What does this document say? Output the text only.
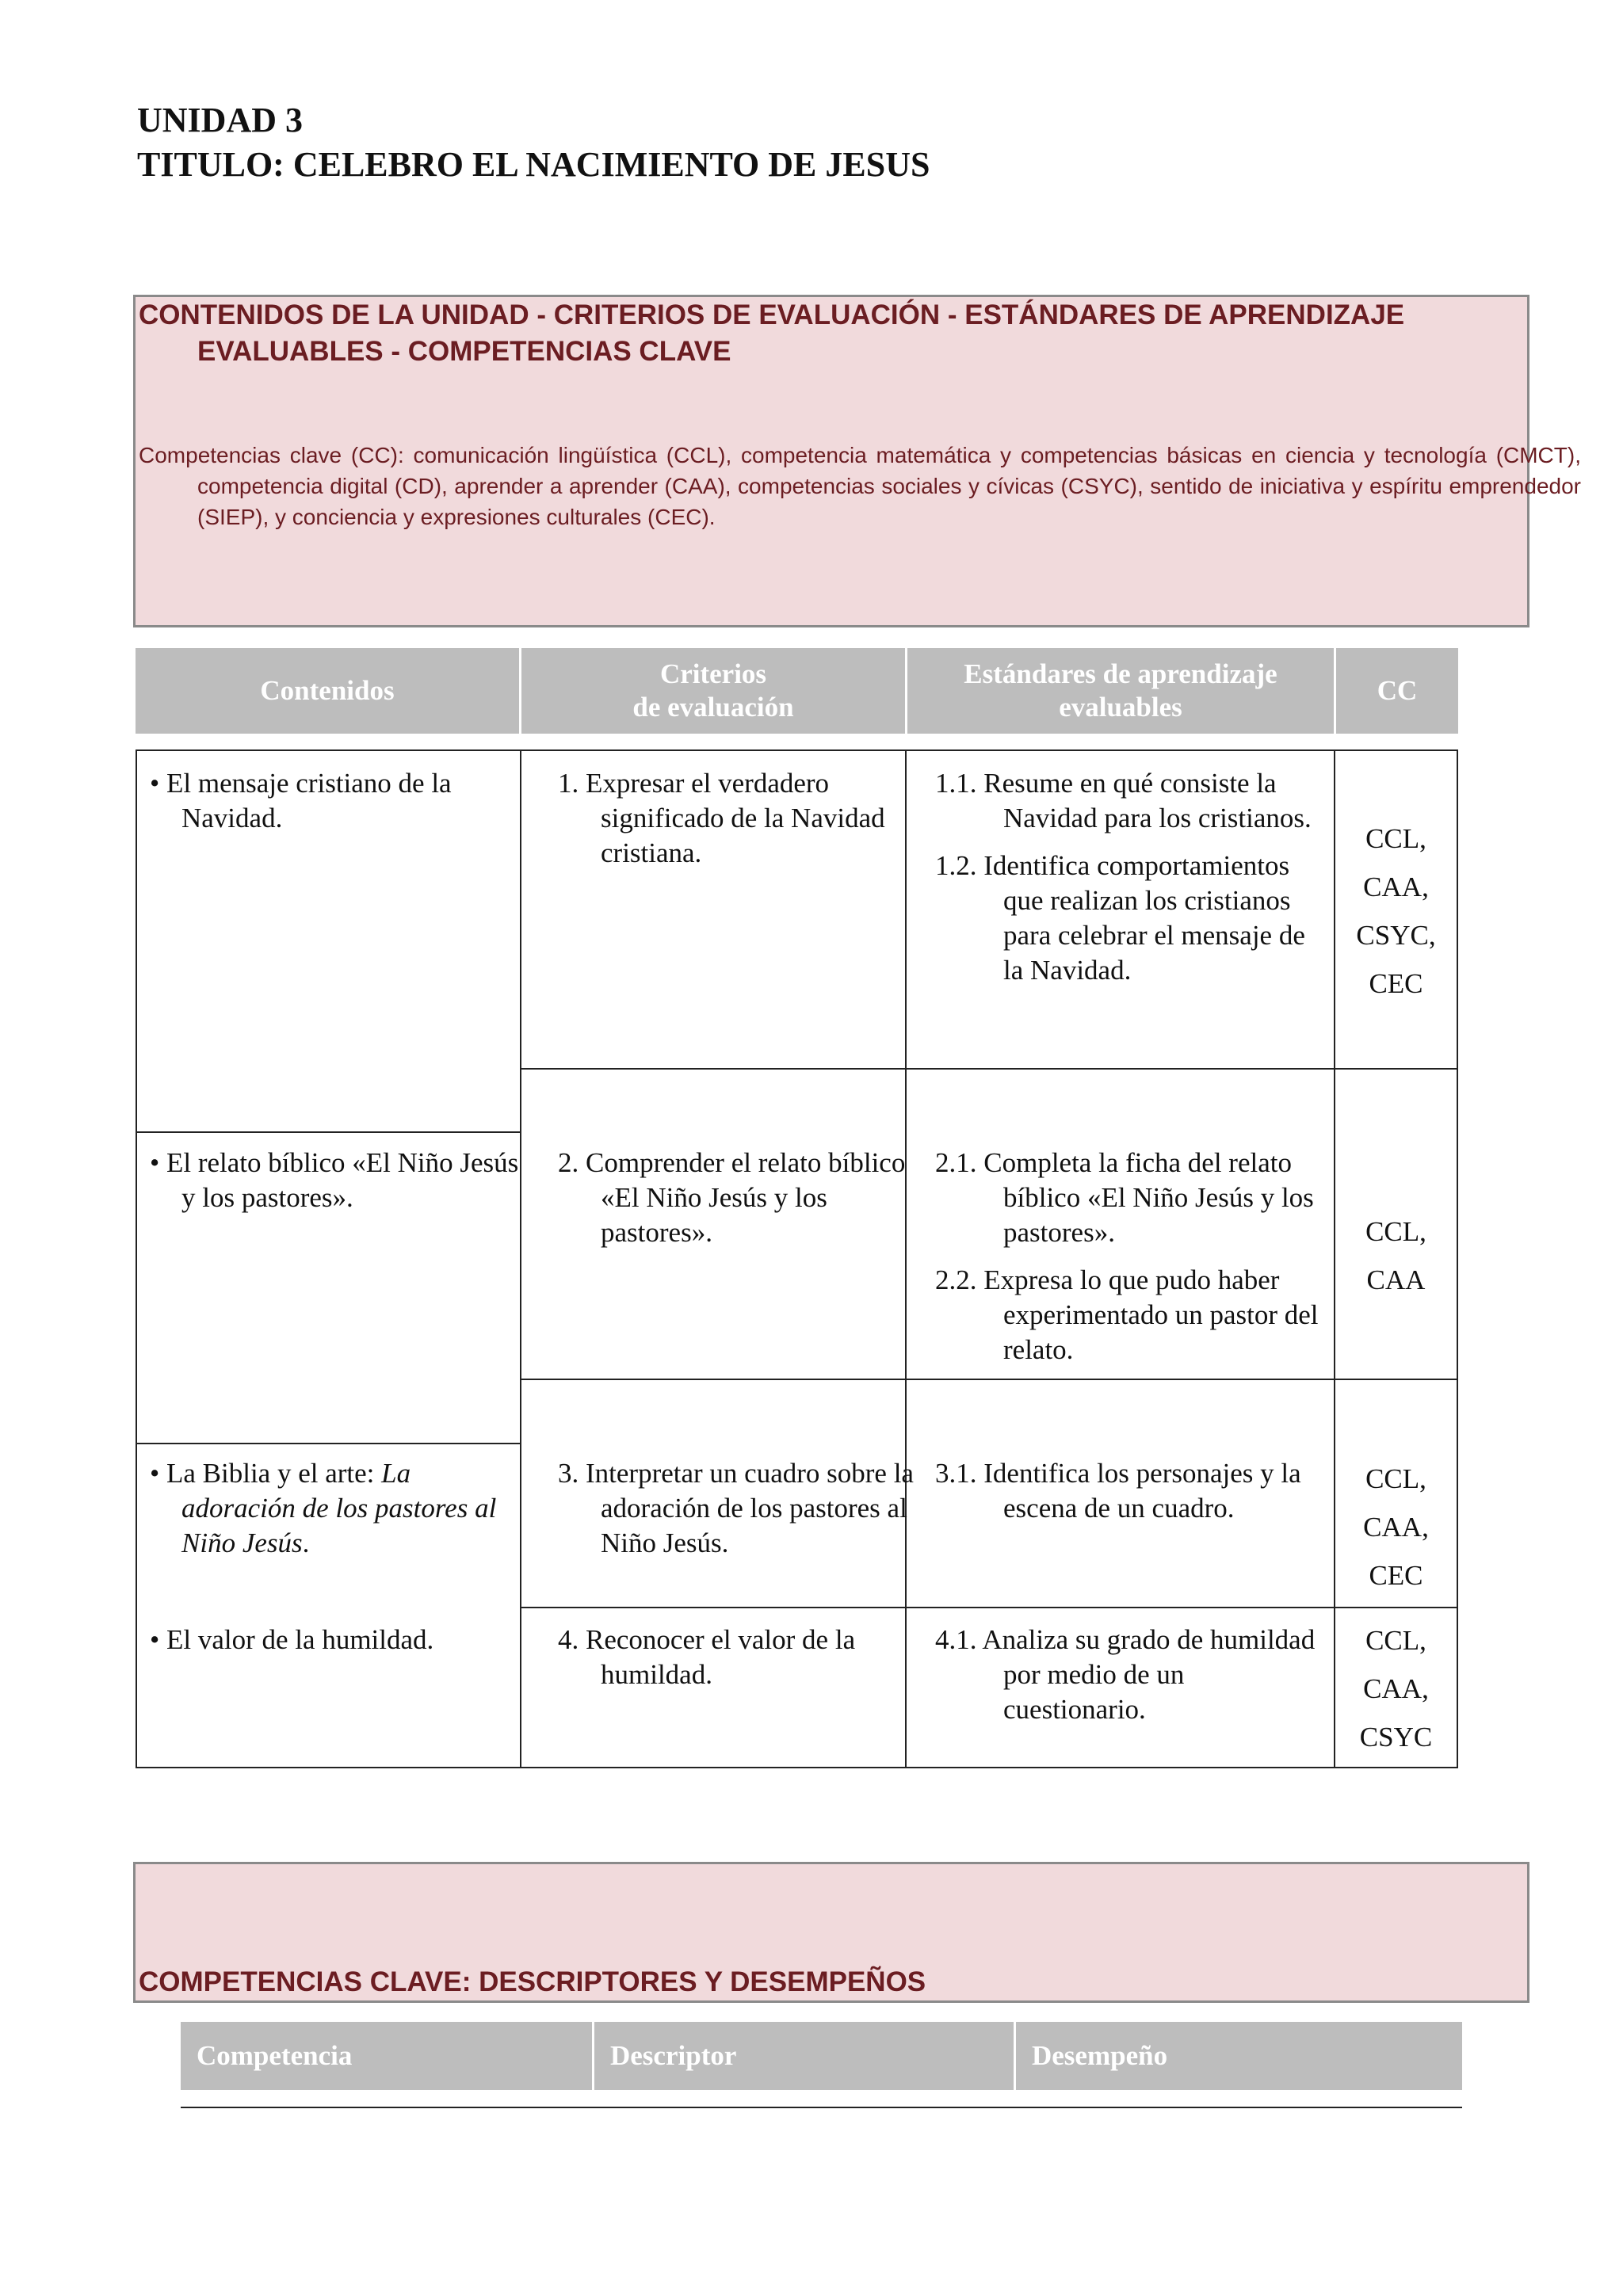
UNIDAD 3
TITULO: CELEBRO EL NACIMIENTO DE JESUS
CONTENIDOS DE LA UNIDAD - CRITERIOS DE EVALUACIÓN - ESTÁNDARES DE APRENDIZAJE EVALUABLES - COMPETENCIAS CLAVE
Competencias clave (CC): comunicación lingüística (CCL), competencia matemática y competencias básicas en ciencia y tecnología (CMCT), competencia digital (CD), aprender a aprender (CAA), competencias sociales y cívicas (CSYC), sentido de iniciativa y espíritu emprendedor (SIEP), y conciencia y expresiones culturales (CEC).
Contenidos
Criterios
de evaluación
Estándares de aprendizaje
evaluables
CC
• El mensaje cristiano de la Navidad.
• El relato bíblico «El Niño Jesús y los pastores».
• La Biblia y el arte: La adoración de los pastores al Niño Jesús.
• El valor de la humildad.
1. Expresar el verdadero significado de la Navidad cristiana.
2. Comprender el relato bíblico «El Niño Jesús y los pastores».
3. Interpretar un cuadro sobre la adoración de los pastores al Niño Jesús.
4. Reconocer el valor de la humildad.
1.1. Resume en qué consiste la Navidad para los cristianos.
1.2. Identifica comportamientos que realizan los cristianos para celebrar el mensaje de la Navidad.
2.1. Completa la ficha del relato bíblico «El Niño Jesús y los pastores».
2.2. Expresa lo que pudo haber experimentado un pastor del relato.
3.1. Identifica los personajes y la escena de un cuadro.
4.1. Analiza su grado de humildad por medio de un cuestionario.
CCL,
CAA,
CSYC,
CEC
CCL,
CAA
CCL,
CAA,
CEC
CCL,
CAA,
CSYC
COMPETENCIAS CLAVE: DESCRIPTORES Y DESEMPEÑOS
Competencia	Descriptor	Desempeño
